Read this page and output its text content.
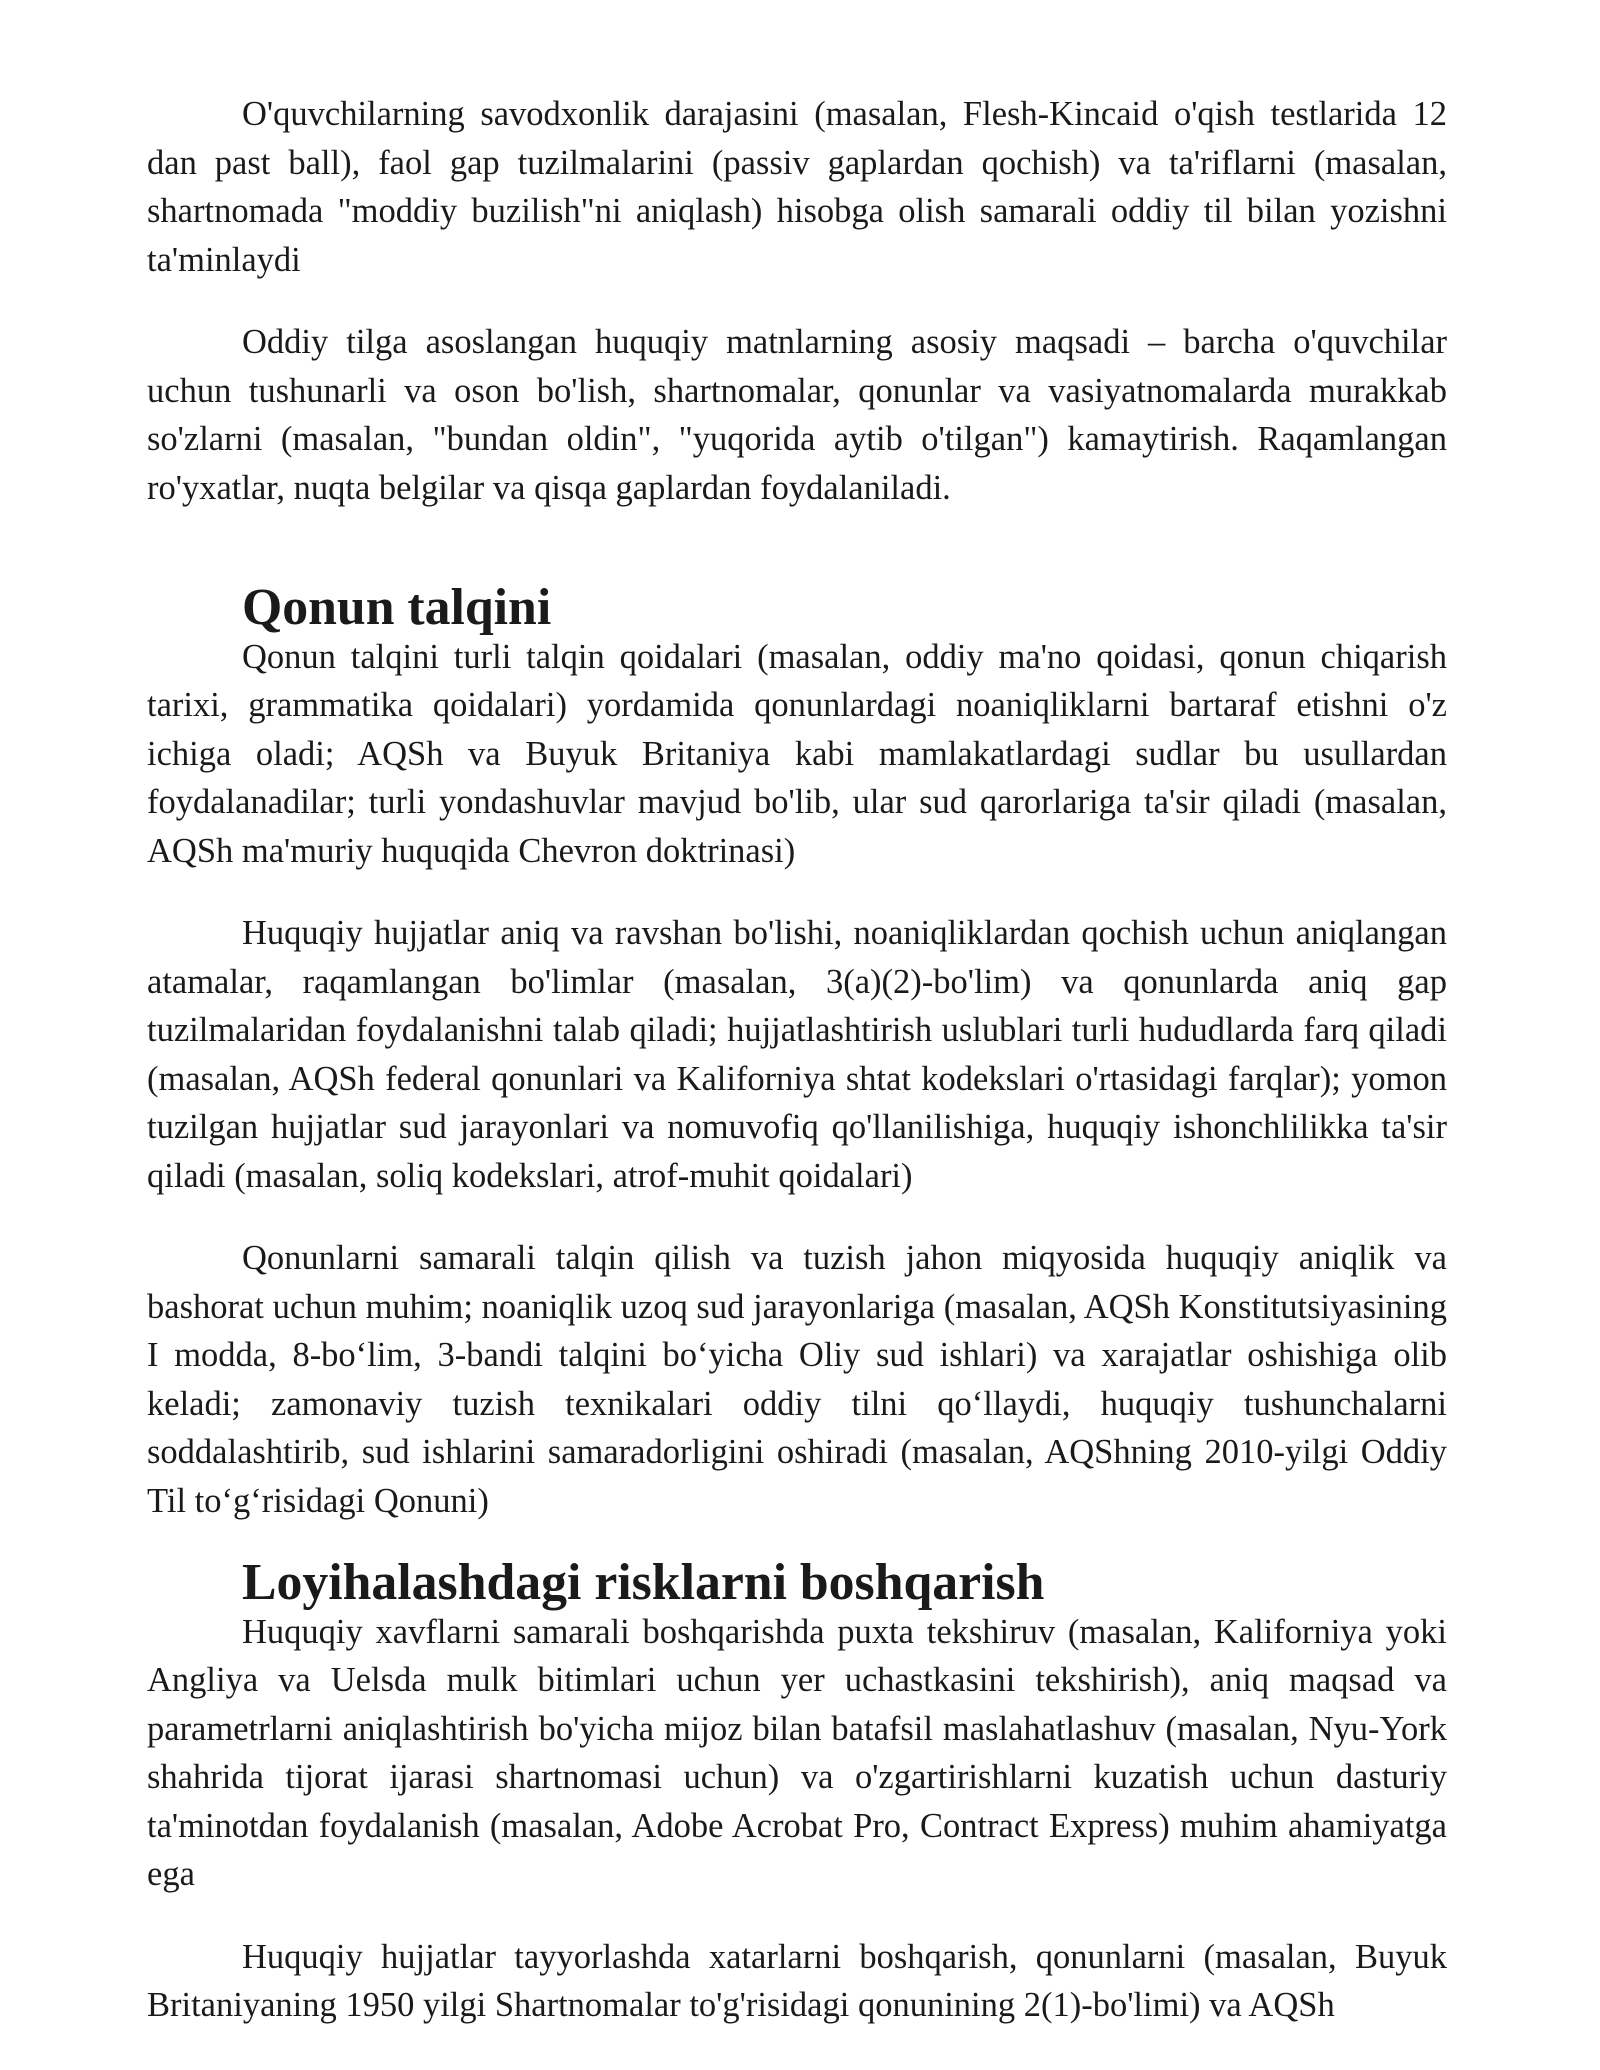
O'quvchilarning savodxonlik darajasini (masalan, Flesh-Kincaid o'qish testlarida 12 dan past ball), faol gap tuzilmalarini (passiv gaplardan qochish) va ta'riflarni (masalan, shartnomada "moddiy buzilish"ni aniqlash) hisobga olish samarali oddiy til bilan yozishni ta'minlaydi

Oddiy tilga asoslangan huquqiy matnlarning asosiy maqsadi – barcha o'quvchilar uchun tushunarli va oson bo'lish, shartnomalar, qonunlar va vasiyatnomalarda murakkab so'zlarni (masalan, "bundan oldin", "yuqorida aytib o'tilgan") kamaytirish. Raqamlangan ro'yxatlar, nuqta belgilar va qisqa gaplardan foydalaniladi.

Qonun talqini

Qonun talqini turli talqin qoidalari (masalan, oddiy ma'no qoidasi, qonun chiqarish tarixi, grammatika qoidalari) yordamida qonunlardagi noaniqliklarni bartaraf etishni o'z ichiga oladi; AQSh va Buyuk Britaniya kabi mamlakatlardagi sudlar bu usullardan foydalanadilar; turli yondashuvlar mavjud bo'lib, ular sud qarorlariga ta'sir qiladi (masalan, AQSh ma'muriy huquqida Chevron doktrinasi)

Huquqiy hujjatlar aniq va ravshan bo'lishi, noaniqliklardan qochish uchun aniqlangan atamalar, raqamlangan bo'limlar (masalan, 3(a)(2)-bo'lim) va qonunlarda aniq gap tuzilmalaridan foydalanishni talab qiladi; hujjatlashtirish uslublari turli hududlarda farq qiladi (masalan, AQSh federal qonunlari va Kaliforniya shtat kodekslari o'rtasidagi farqlar); yomon tuzilgan hujjatlar sud jarayonlari va nomuvofiq qo'llanilishiga, huquqiy ishonchlilikka ta'sir qiladi (masalan, soliq kodekslari, atrof-muhit qoidalari)

Qonunlarni samarali talqin qilish va tuzish jahon miqyosida huquqiy aniqlik va bashorat uchun muhim; noaniqlik uzoq sud jarayonlariga (masalan, AQSh Konstitutsiyasining I modda, 8-bo‘lim, 3-bandi talqini bo‘yicha Oliy sud ishlari) va xarajatlar oshishiga olib keladi; zamonaviy tuzish texnikalari oddiy tilni qo‘llaydi, huquqiy tushunchalarni soddalashtirib, sud ishlarini samaradorligini oshiradi (masalan, AQShning 2010-yilgi Oddiy Til to‘g‘risidagi Qonuni)

Loyihalashdagi risklarni boshqarish

Huquqiy xavflarni samarali boshqarishda puxta tekshiruv (masalan, Kaliforniya yoki Angliya va Uelsda mulk bitimlari uchun yer uchastkasini tekshirish), aniq maqsad va parametrlarni aniqlashtirish bo'yicha mijoz bilan batafsil maslahatlashuv (masalan, Nyu-York shahrida tijorat ijarasi shartnomasi uchun) va o'zgartirishlarni kuzatish uchun dasturiy ta'minotdan foydalanish (masalan, Adobe Acrobat Pro, Contract Express) muhim ahamiyatga ega

Huquqiy hujjatlar tayyorlashda xatarlarni boshqarish, qonunlarni (masalan, Buyuk Britaniyaning 1950 yilgi Shartnomalar to'g'risidagi qonunining 2(1)-bo'limi) va AQSh
